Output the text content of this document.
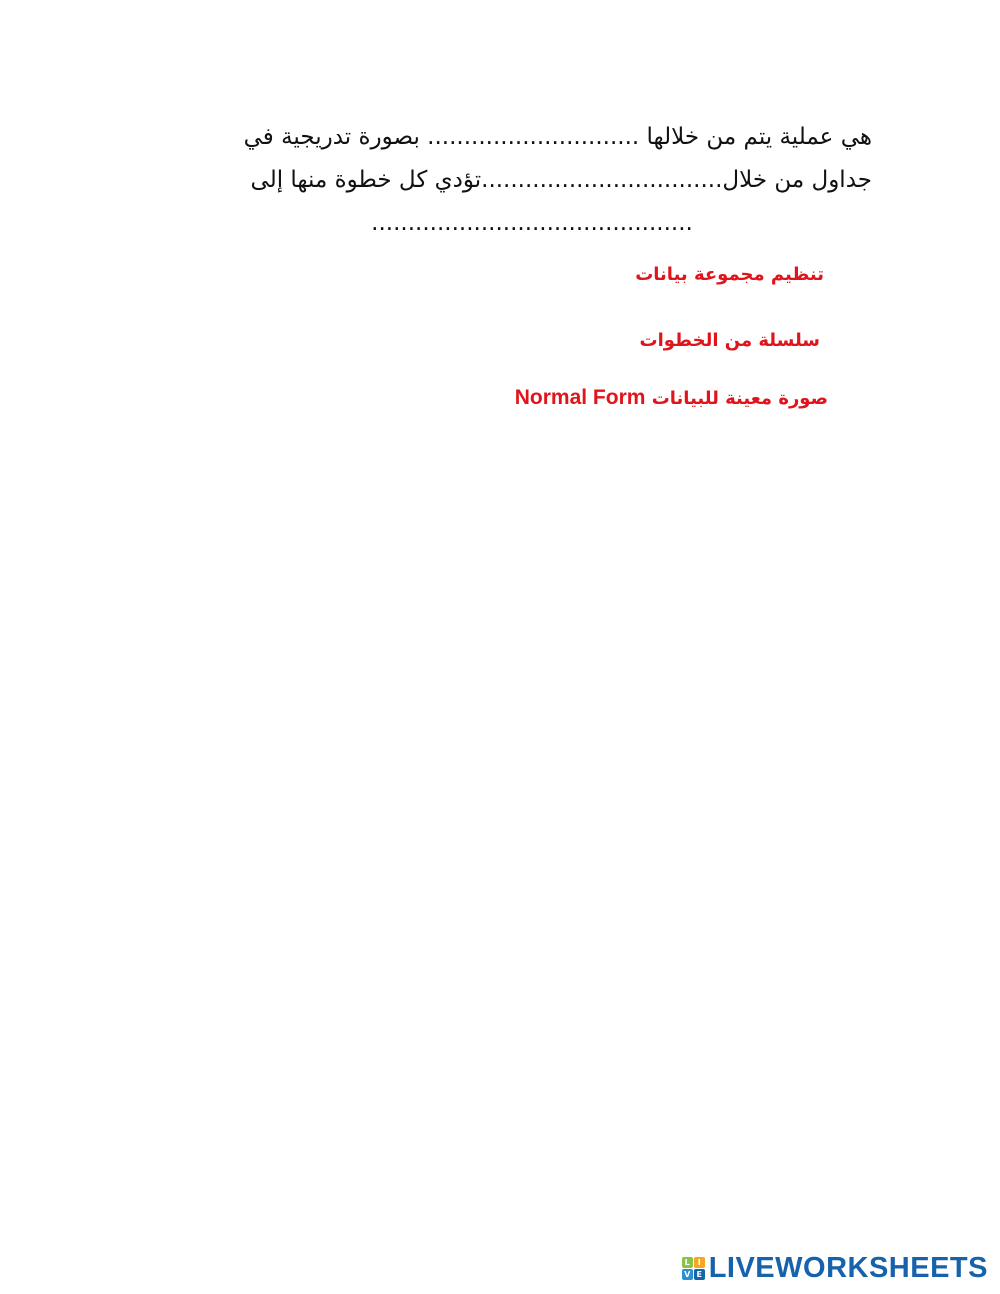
هي عملية يتم من خلالها ............................. بصورة تدريجية في
جداول من خلال.................................تؤدي كل خطوة منها إلى
............................................
تنظيم مجموعة بيانات
سلسلة من الخطوات
صورة معينة للبيانات Normal Form
L I
V E LIVEWORKSHEETS
